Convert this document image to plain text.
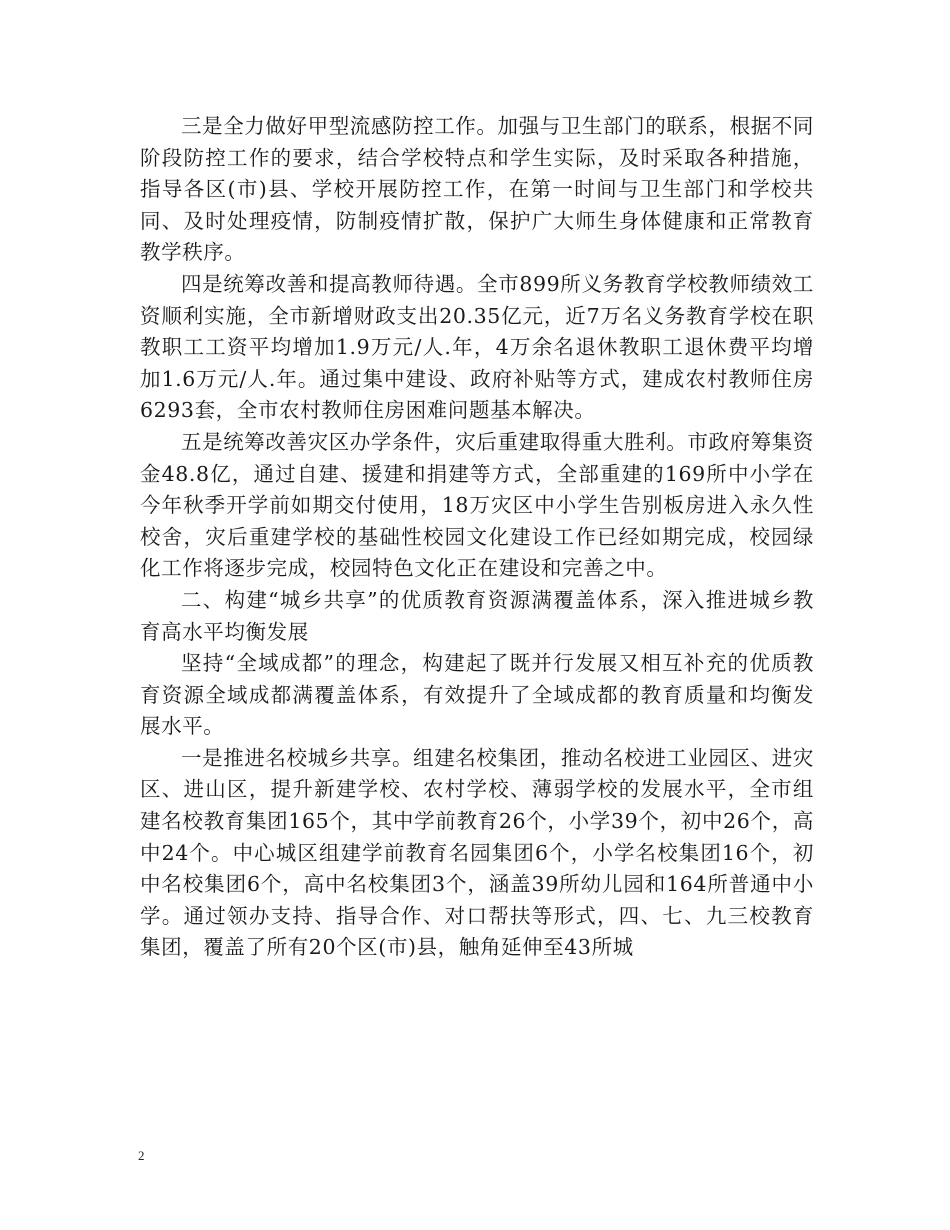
三是全力做好甲型流感防控工作。加强与卫生部门的联系，根据不同阶段防控工作的要求，结合学校特点和学生实际，及时采取各种措施，指导各区(市)县、学校开展防控工作，在第一时间与卫生部门和学校共同、及时处理疫情，防制疫情扩散，保护广大师生身体健康和正常教育教学秩序。

四是统筹改善和提高教师待遇。全市899所义务教育学校教师绩效工资顺利实施，全市新增财政支出20.35亿元，近7万名义务教育学校在职教职工工资平均增加1.9万元/人.年，4万余名退休教职工退休费平均增加1.6万元/人.年。通过集中建设、政府补贴等方式，建成农村教师住房6293套，全市农村教师住房困难问题基本解决。

五是统筹改善灾区办学条件，灾后重建取得重大胜利。市政府筹集资金48.8亿，通过自建、援建和捐建等方式，全部重建的169所中小学在今年秋季开学前如期交付使用，18万灾区中小学生告别板房进入永久性校舍，灾后重建学校的基础性校园文化建设工作已经如期完成，校园绿化工作将逐步完成，校园特色文化正在建设和完善之中。

二、构建“城乡共享”的优质教育资源满覆盖体系，深入推进城乡教育高水平均衡发展

坚持“全域成都”的理念，构建起了既并行发展又相互补充的优质教育资源全域成都满覆盖体系，有效提升了全域成都的教育质量和均衡发展水平。

一是推进名校城乡共享。组建名校集团，推动名校进工业园区、进灾区、进山区，提升新建学校、农村学校、薄弱学校的发展水平，全市组建名校教育集团165个，其中学前教育26个，小学39个，初中26个，高中24个。中心城区组建学前教育名园集团6个，小学名校集团16个，初中名校集团6个，高中名校集团3个，涵盖39所幼儿园和164所普通中小学。通过领办支持、指导合作、对口帮扶等形式，四、七、九三校教育集团，覆盖了所有20个区(市)县，触角延伸至43所城

2
